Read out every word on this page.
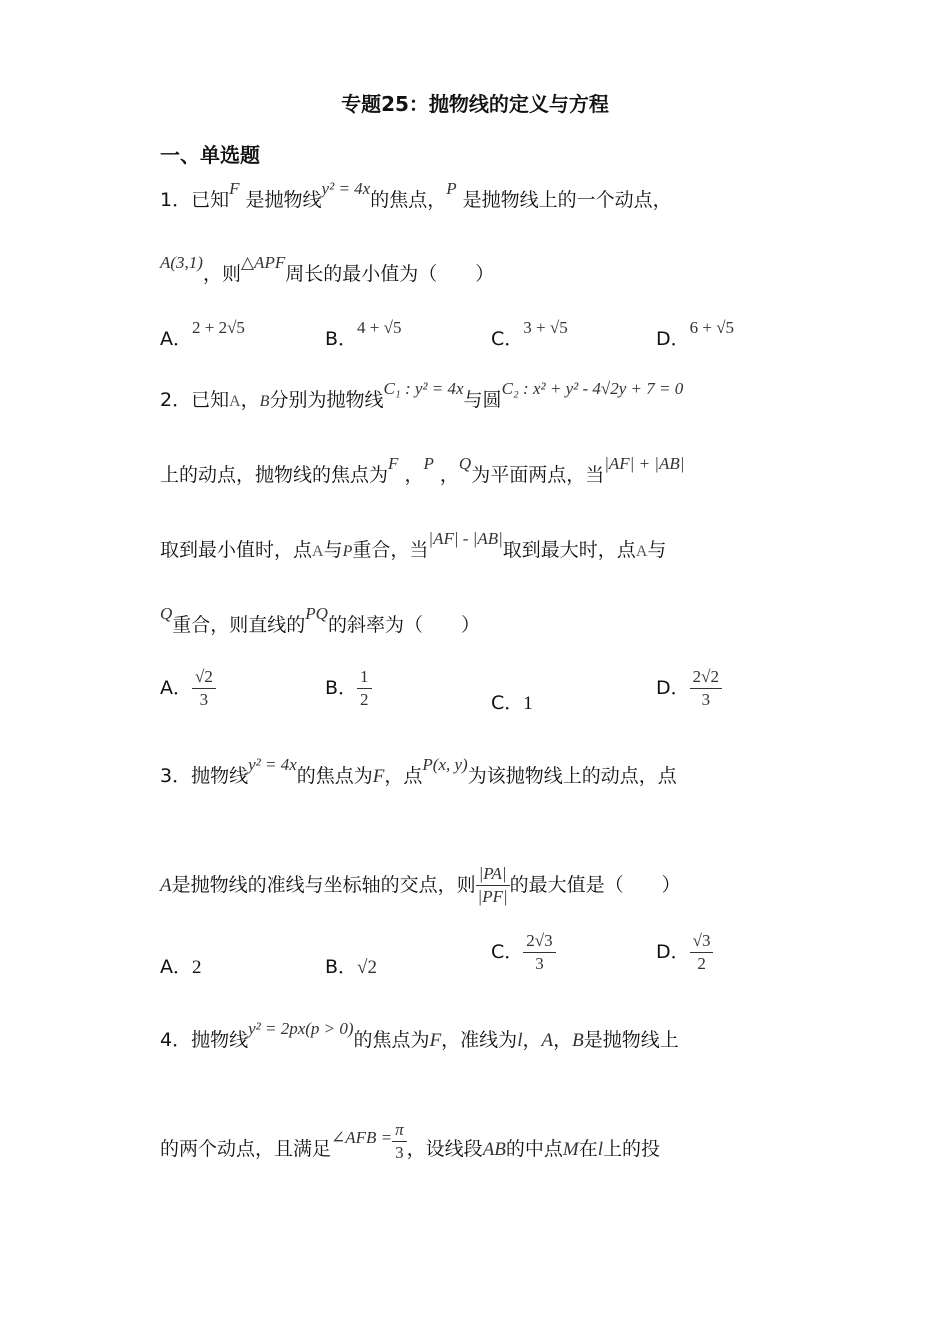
专题25：抛物线的定义与方程
一、单选题
1．已知F 是抛物线y² = 4x的焦点，P 是抛物线上的一个动点，
A(3,1)，则△APF周长的最小值为（　　）
A．2 + 2√5
B．4 + √5
C．3 + √5
D．6 + √5
2．已知A，B分别为抛物线C₁ : y² = 4x与圆C₂ : x² + y² - 4√2y + 7 = 0
上的动点，抛物线的焦点为F ，P ，Q为平面两点，当|AF| + |AB|
取到最小值时，点A与P重合，当|AF| - |AB|取到最大时，点A与
Q重合，则直线的PQ的斜率为（　　）
A． $\frac{√2}{3}$	B． $\frac{1}{2}$	C．1
D． $\frac{2√2}{3}$
3．抛物线y² = 4x的焦点为F，点P(x, y)为该抛物线上的动点，点
A是抛物线的准线与坐标轴的交点，则 $\frac{|PA|}{|PF|}$ 的最大值是（　　）
A．2	B．√2
C． $\frac{2√3}{3}$	D． $\frac{√3}{2}$
4．抛物线y² = 2px(p > 0)的焦点为F，准线为l，A，B是抛物线上
的两个动点，且满足∠AFB = $\frac{\pi}{3}$ ，设线段AB的中点M在l上的投
